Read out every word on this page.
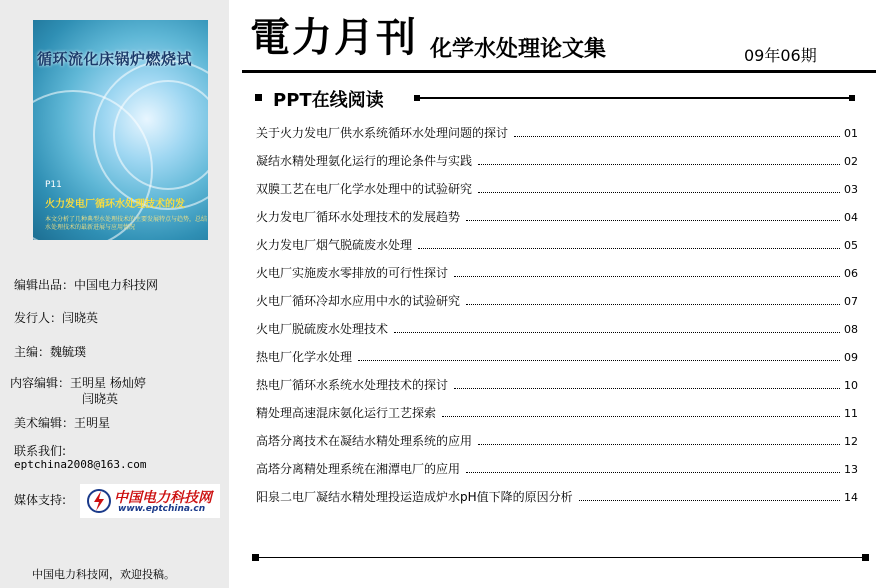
循环流化床锅炉燃烧试
P11
火力发电厂循环水处理技术的发
本文分析了几种典型水处理技术的主要发展特点与趋势，总结水处理技术的最新进展与应用情况
编辑出品：中国电力科技网
发行人：闫晓英
主编：魏毓璞
内容编辑：王明星 杨灿婷
闫晓英
美术编辑：王明星
联系我们:
eptchina2008@163.com
媒体支持:	中国电力科技网
www.eptchina.cn
中国电力科技网，欢迎投稿。
電力月刊 化学水处理论文集	09年06期
PPT在线阅读
关于火力发电厂供水系统循环水处理问题的探讨	01
凝结水精处理氨化运行的理论条件与实践	02
双膜工艺在电厂化学水处理中的试验研究	03
火力发电厂循环水处理技术的发展趋势	04
火力发电厂烟气脱硫废水处理	05
火电厂实施废水零排放的可行性探讨	06
火电厂循环冷却水应用中水的试验研究	07
火电厂脱硫废水处理技术	08
热电厂化学水处理	09
热电厂循环水系统水处理技术的探讨	10
精处理高速混床氨化运行工艺探索	11
高塔分离技术在凝结水精处理系统的应用	12
高塔分离精处理系统在湘潭电厂的应用	13
阳泉二电厂凝结水精处理投运造成炉水pH值下降的原因分析	14
